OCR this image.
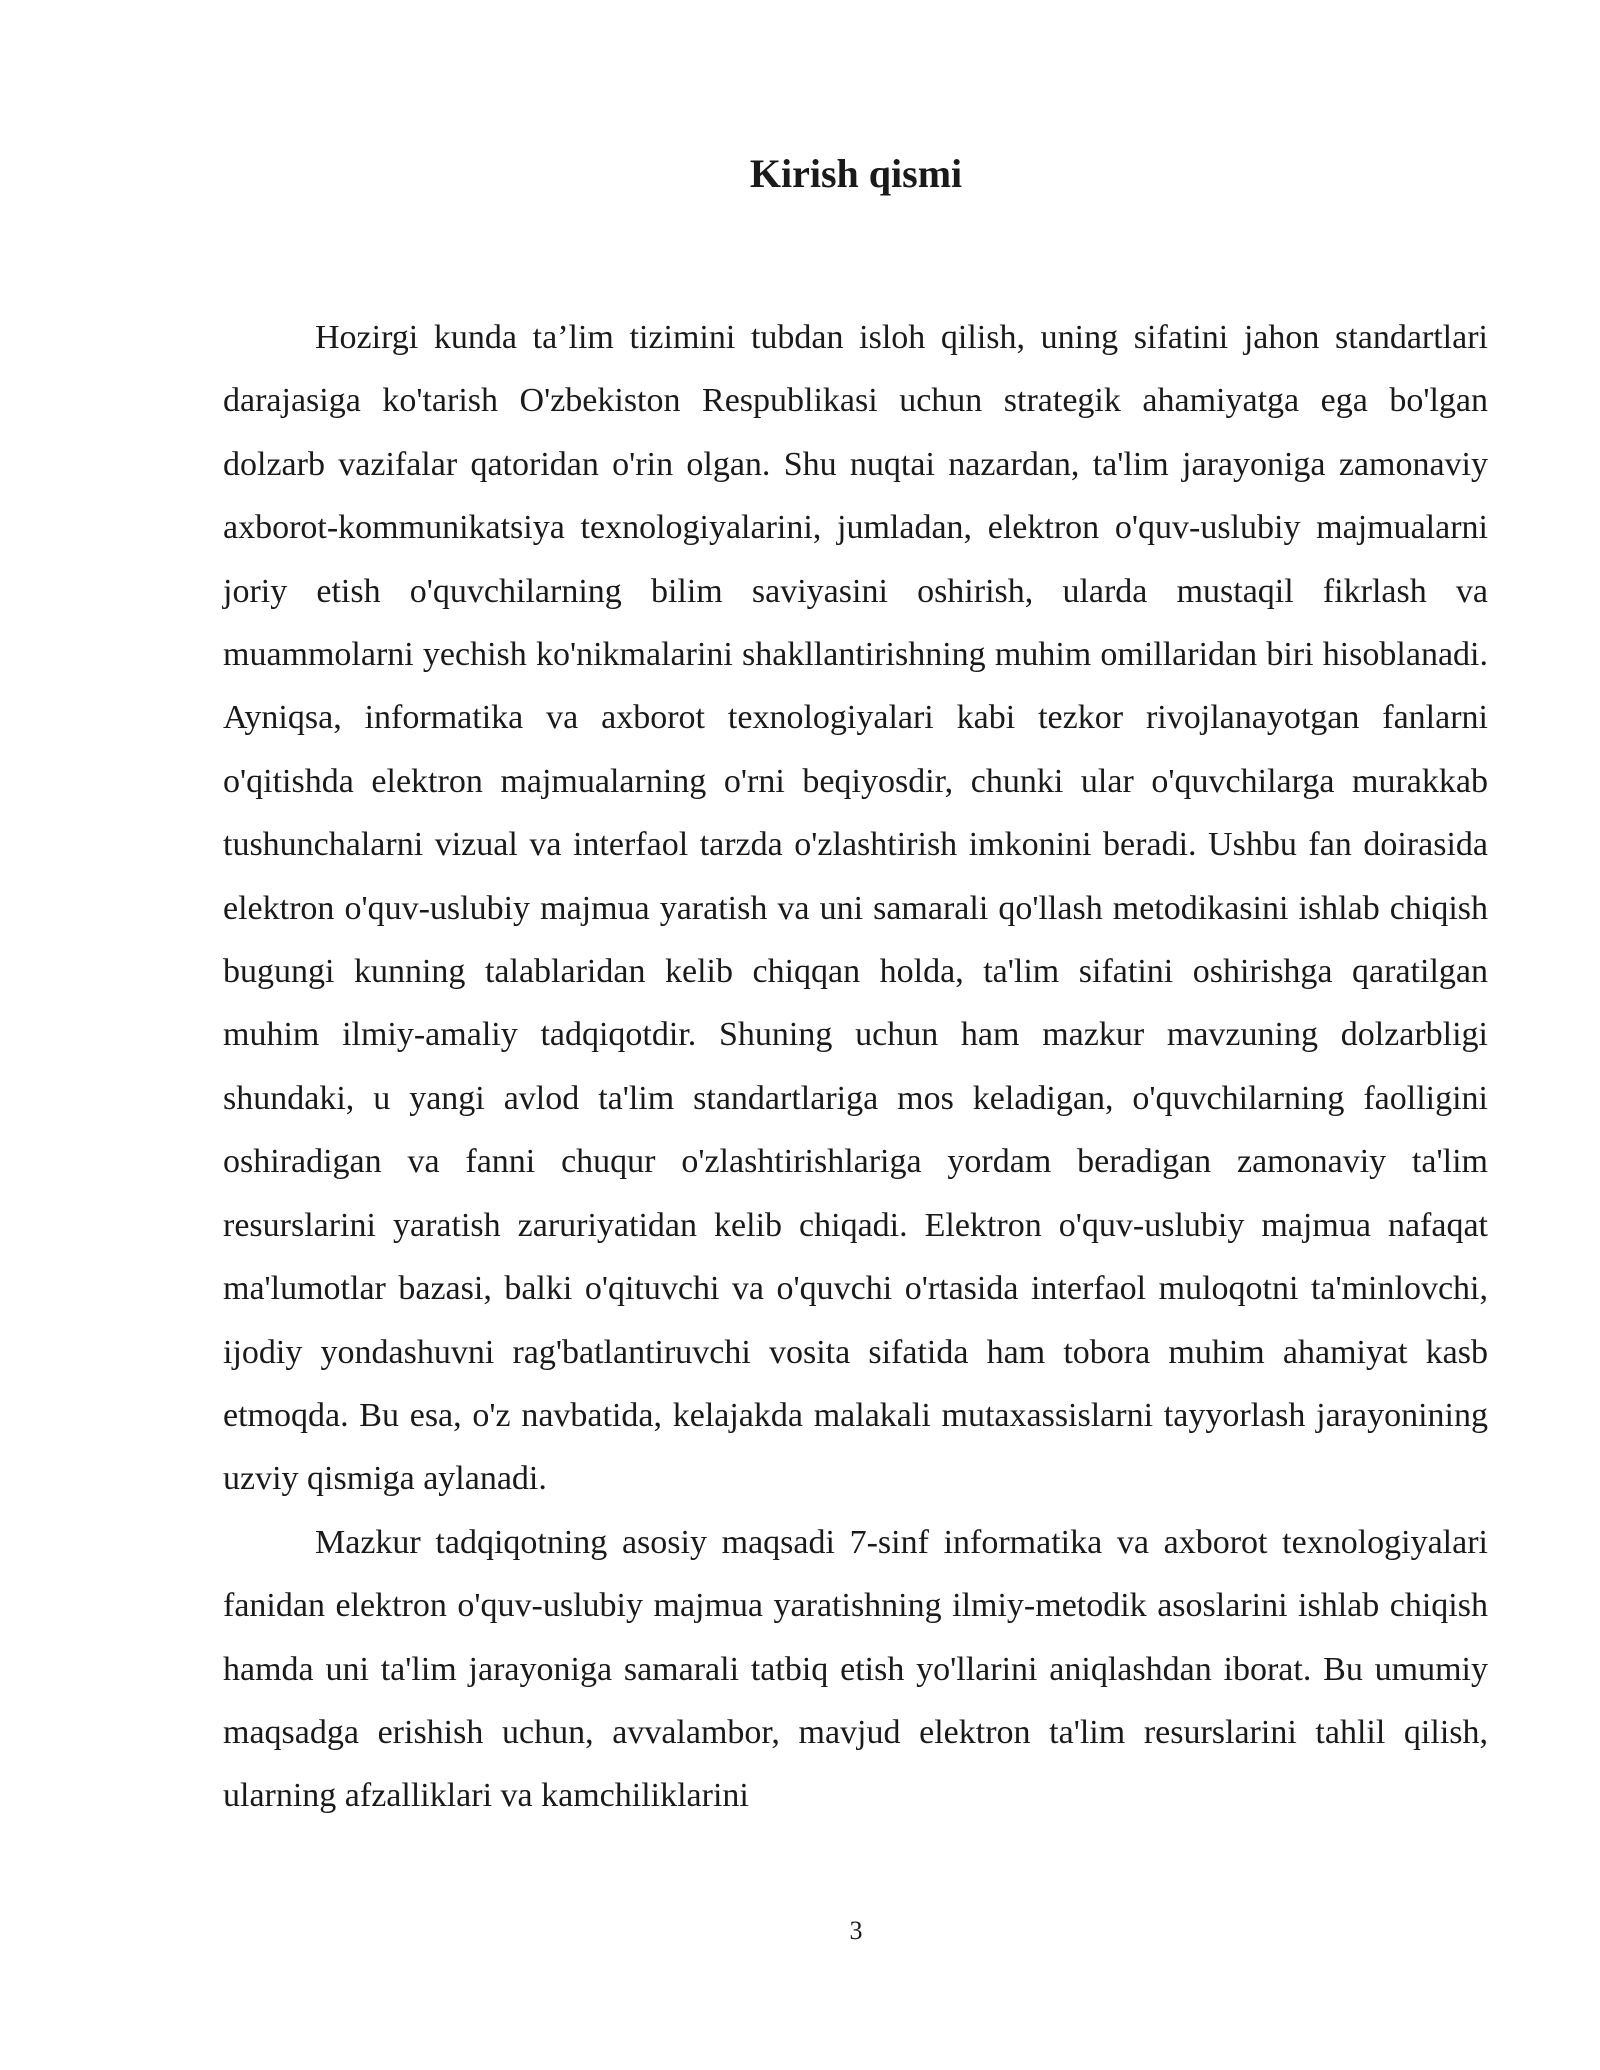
Kirish qismi

Hozirgi kunda ta’lim tizimini tubdan isloh qilish, uning sifatini jahon standartlari darajasiga ko'tarish O'zbekiston Respublikasi uchun strategik ahamiyatga ega bo'lgan dolzarb vazifalar qatoridan o'rin olgan. Shu nuqtai nazardan, ta'lim jarayoniga zamonaviy axborot-kommunikatsiya texnologiyalarini, jumladan, elektron o'quv-uslubiy majmualarni joriy etish o'quvchilarning bilim saviyasini oshirish, ularda mustaqil fikrlash va muammolarni yechish ko'nikmalarini shakllantirishning muhim omillaridan biri hisoblanadi. Ayniqsa, informatika va axborot texnologiyalari kabi tezkor rivojlanayotgan fanlarni o'qitishda elektron majmualarning o'rni beqiyosdir, chunki ular o'quvchilarga murakkab tushunchalarni vizual va interfaol tarzda o'zlashtirish imkonini beradi. Ushbu fan doirasida elektron o'quv-uslubiy majmua yaratish va uni samarali qo'llash metodikasini ishlab chiqish bugungi kunning talablaridan kelib chiqqan holda, ta'lim sifatini oshirishga qaratilgan muhim ilmiy-amaliy tadqiqotdir. Shuning uchun ham mazkur mavzuning dolzarbligi shundaki, u yangi avlod ta'lim standartlariga mos keladigan, o'quvchilarning faolligini oshiradigan va fanni chuqur o'zlashtirishlariga yordam beradigan zamonaviy ta'lim resurslarini yaratish zaruriyatidan kelib chiqadi. Elektron o'quv-uslubiy majmua nafaqat ma'lumotlar bazasi, balki o'qituvchi va o'quvchi o'rtasida interfaol muloqotni ta'minlovchi, ijodiy yondashuvni rag'batlantiruvchi vosita sifatida ham tobora muhim ahamiyat kasb etmoqda. Bu esa, o'z navbatida, kelajakda malakali mutaxassislarni tayyorlash jarayonining uzviy qismiga aylanadi.

Mazkur tadqiqotning asosiy maqsadi 7-sinf informatika va axborot texnologiyalari fanidan elektron o'quv-uslubiy majmua yaratishning ilmiy-metodik asoslarini ishlab chiqish hamda uni ta'lim jarayoniga samarali tatbiq etish yo'llarini aniqlashdan iborat. Bu umumiy maqsadga erishish uchun, avvalambor, mavjud elektron ta'lim resurslarini tahlil qilish, ularning afzalliklari va kamchiliklarini

3
